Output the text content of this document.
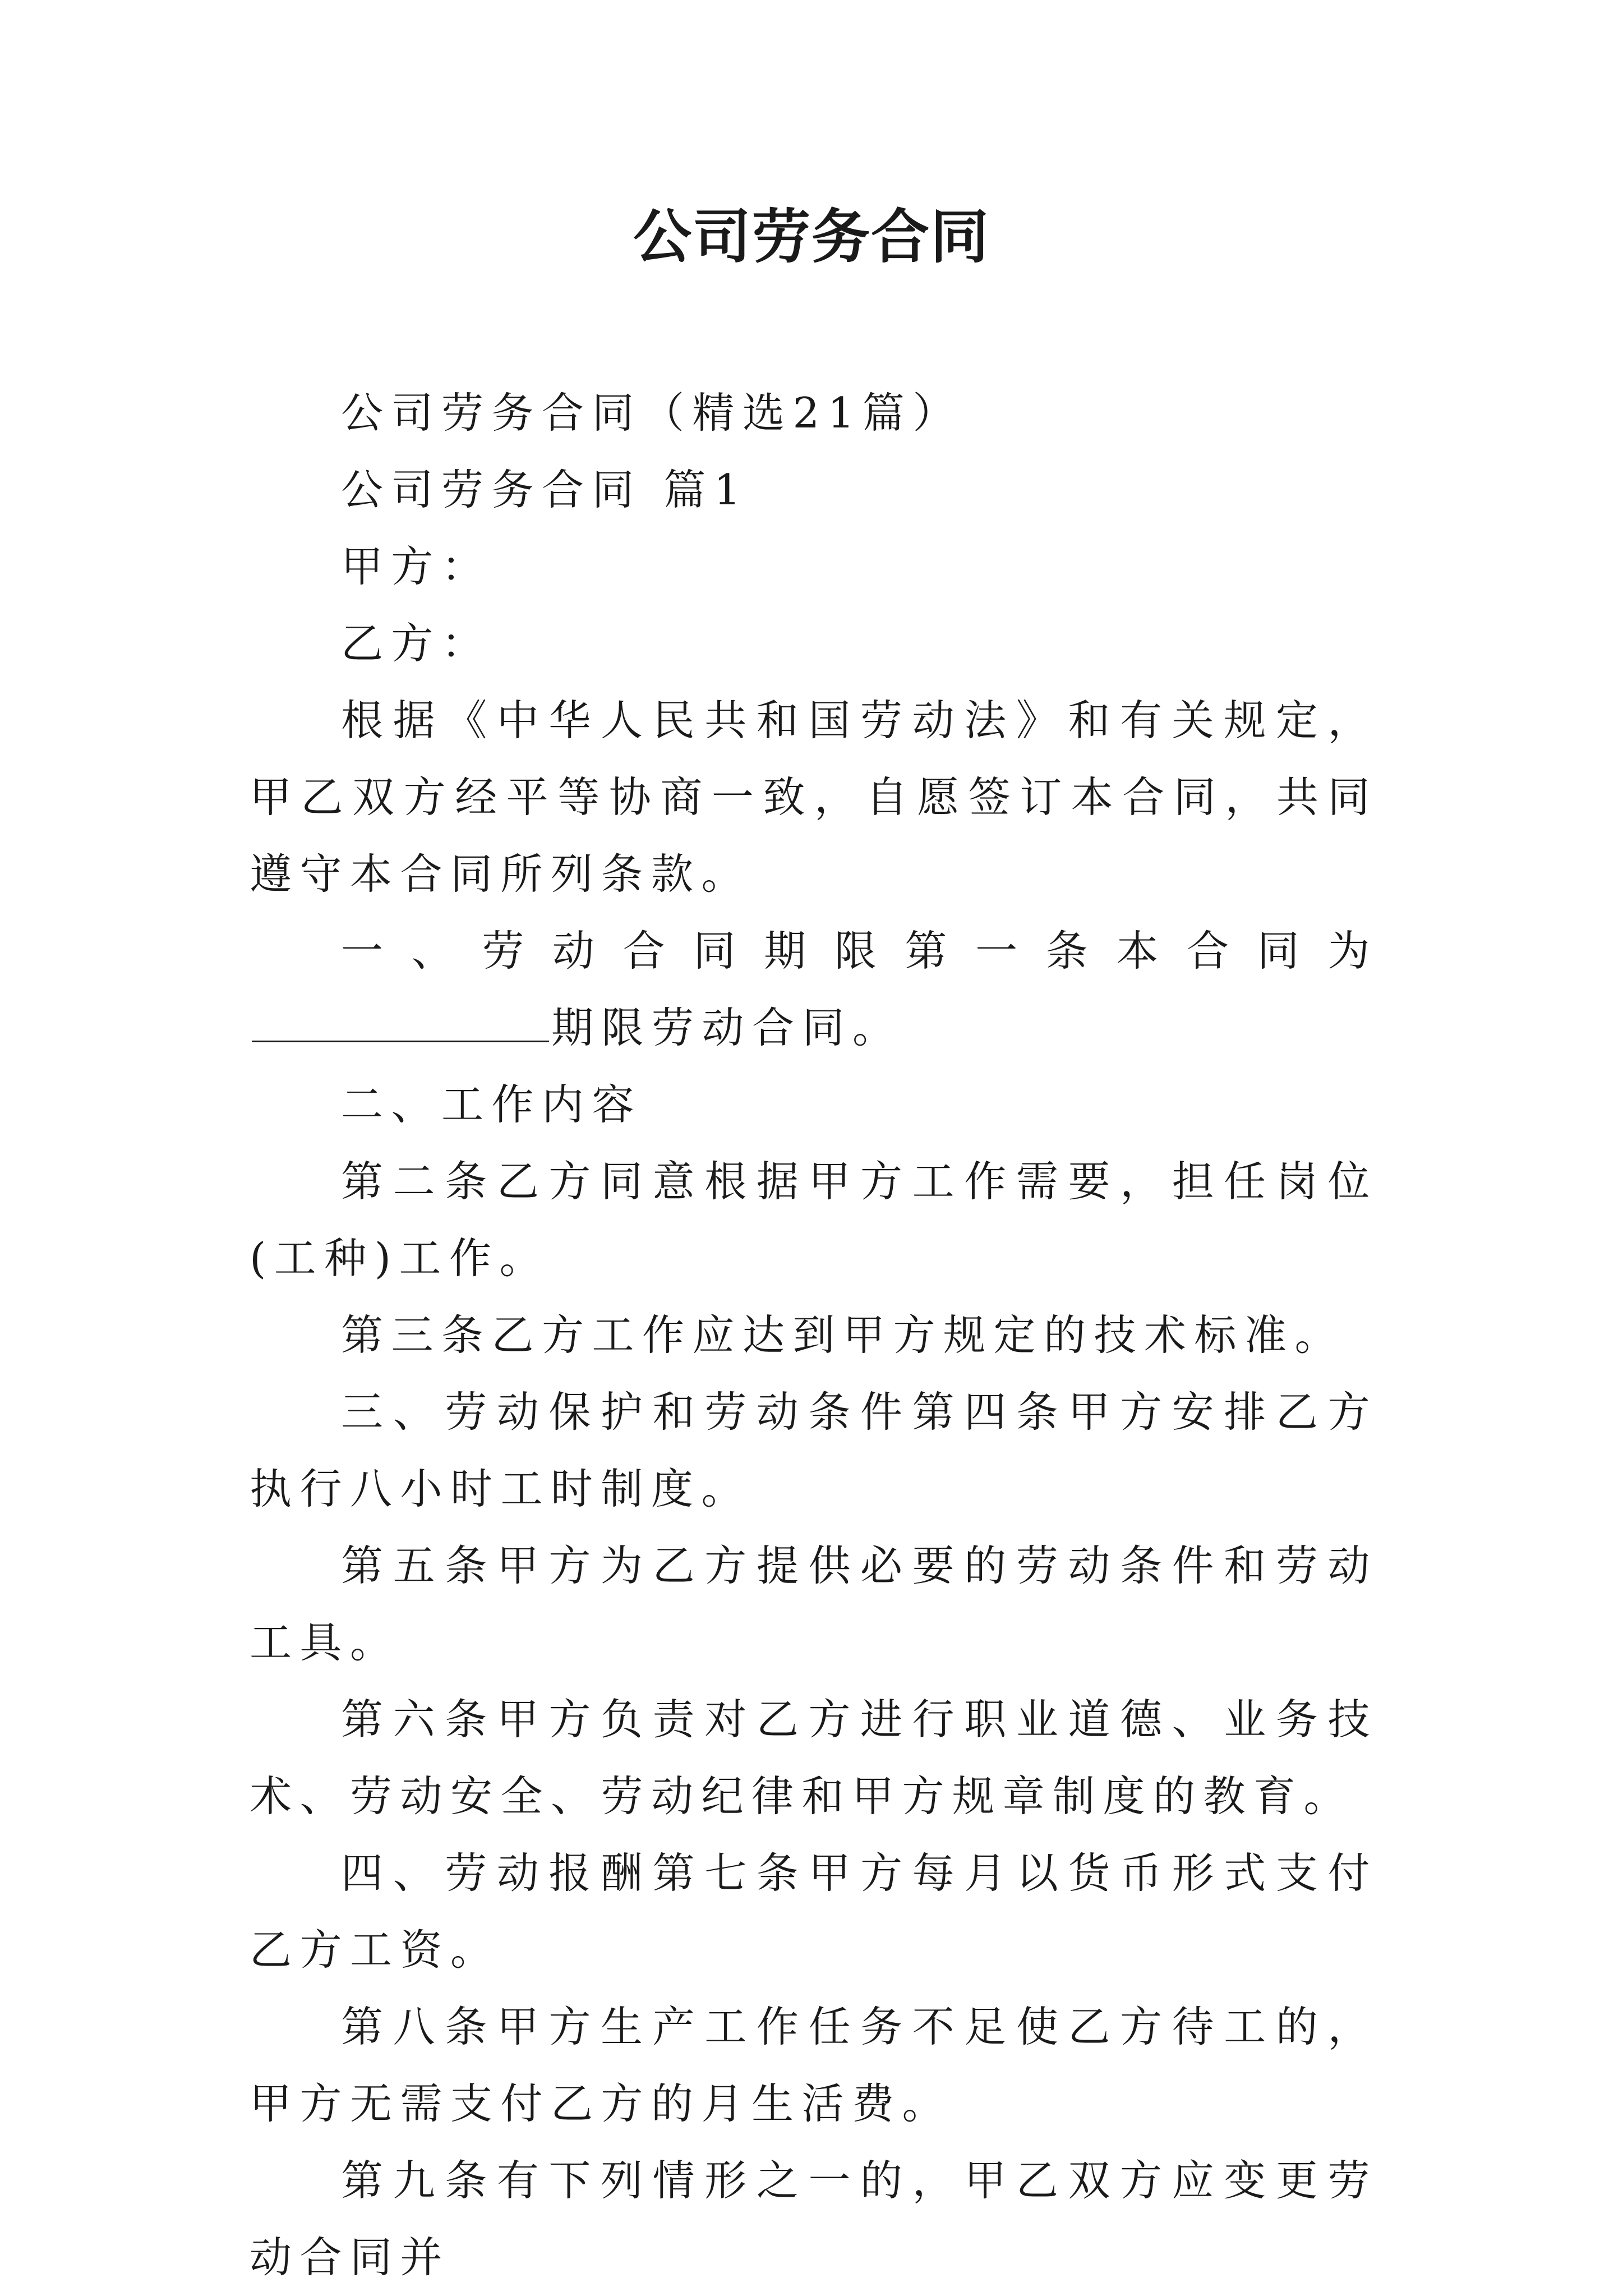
公司劳务合同

公司劳务合同（精选21篇）

公司劳务合同 篇1

甲方：

乙方：

根据《中华人民共和国劳动法》和有关规定，甲乙双方经平等协商一致，自愿签订本合同，共同遵守本合同所列条款。

一、劳动合同期限第一条本合同为期限劳动合同。

二、工作内容

第二条乙方同意根据甲方工作需要，担任岗位(工种)工作。

第三条乙方工作应达到甲方规定的技术标准。

三、劳动保护和劳动条件第四条甲方安排乙方执行八小时工时制度。

第五条甲方为乙方提供必要的劳动条件和劳动工具。

第六条甲方负责对乙方进行职业道德、业务技术、劳动安全、劳动纪律和甲方规章制度的教育。

四、劳动报酬第七条甲方每月以货币形式支付乙方工资。

第八条甲方生产工作任务不足使乙方待工的，甲方无需支付乙方的月生活费。

第九条有下列情形之一的，甲乙双方应变更劳动合同并
